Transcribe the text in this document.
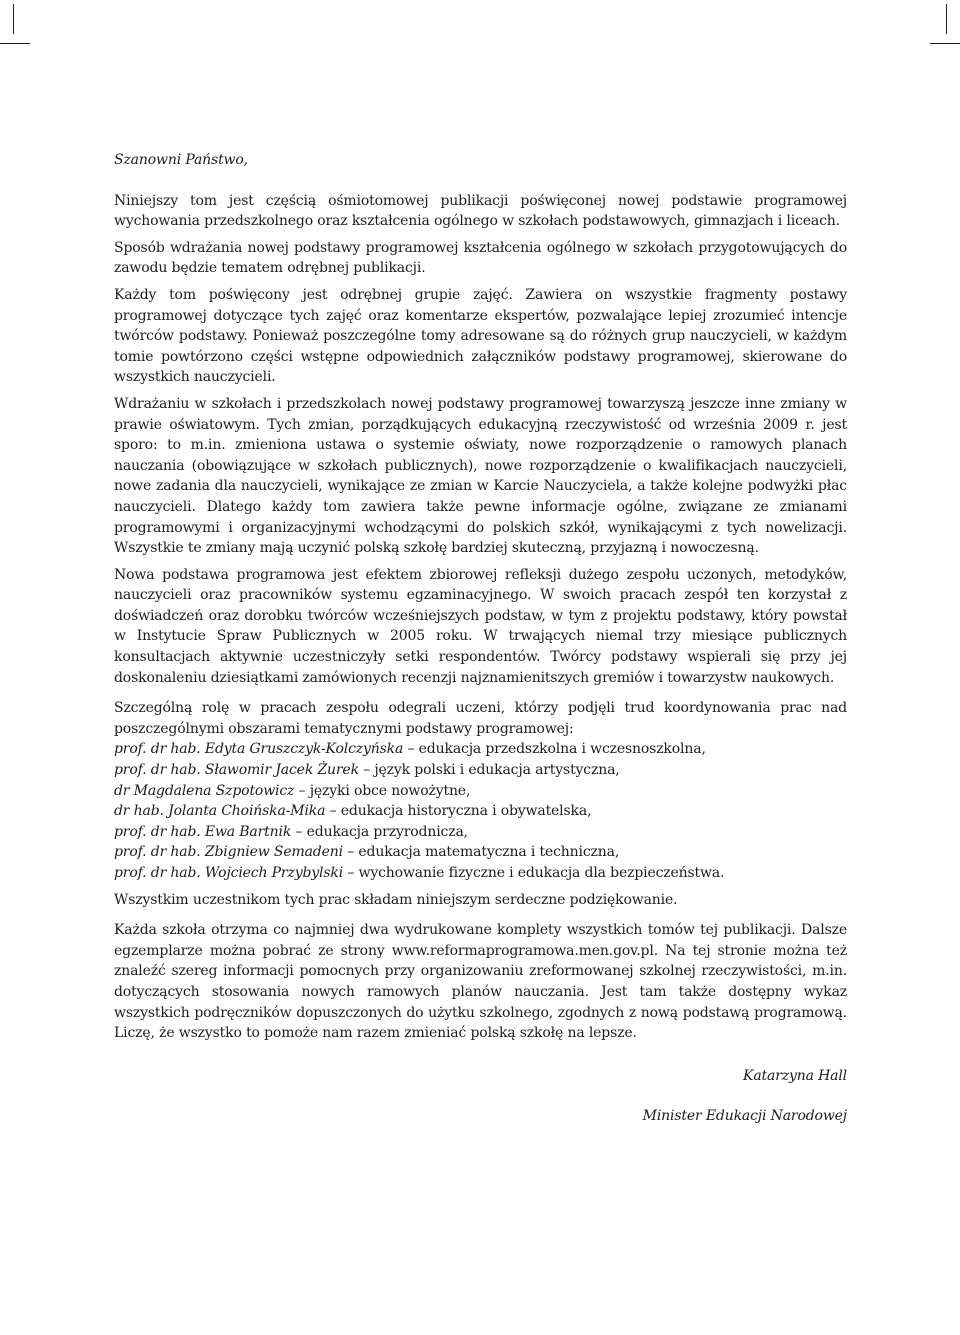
Szanowni Państwo,

Niniejszy tom jest częścią ośmiotomowej publikacji poświęconej nowej podstawie programowej wychowania przedszkolnego oraz kształcenia ogólnego w szkołach podstawowych, gimnazjach i liceach.

Sposób wdrażania nowej podstawy programowej kształcenia ogólnego w szkołach przygotowujących do zawodu będzie tematem odrębnej publikacji.

Każdy tom poświęcony jest odrębnej grupie zajęć. Zawiera on wszystkie fragmenty postawy programowej dotyczące tych zajęć oraz komentarze ekspertów, pozwalające lepiej zrozumieć intencje twórców podstawy. Ponieważ poszczególne tomy adresowane są do różnych grup nauczycieli, w każdym tomie powtórzono części wstępne odpowiednich załączników podstawy programowej, skierowane do wszystkich nauczycieli.

Wdrażaniu w szkołach i przedszkolach nowej podstawy programowej towarzyszą jeszcze inne zmiany w prawie oświatowym. Tych zmian, porządkujących edukacyjną rzeczywistość od września 2009 r. jest sporo: to m.in. zmieniona ustawa o systemie oświaty, nowe rozporządzenie o ramowych planach nauczania (obowiązujące w szkołach publicznych), nowe rozporządzenie o kwalifikacjach nauczycieli, nowe zadania dla nauczycieli, wynikające ze zmian w Karcie Nauczyciela, a także kolejne podwyżki płac nauczycieli. Dlatego każdy tom zawiera także pewne informacje ogólne, związane ze zmianami programowymi i organizacyjnymi wchodzącymi do polskich szkół, wynikającymi z tych nowelizacji. Wszystkie te zmiany mają uczynić polską szkołę bardziej skuteczną, przyjazną i nowoczesną.

Nowa podstawa programowa jest efektem zbiorowej refleksji dużego zespołu uczonych, metodyków, nauczycieli oraz pracowników systemu egzaminacyjnego. W swoich pracach zespół ten korzystał z doświadczeń oraz dorobku twórców wcześniejszych podstaw, w tym z projektu podstawy, który powstał w Instytucie Spraw Publicznych w 2005 roku. W trwających niemal trzy miesiące publicznych konsultacjach aktywnie uczestniczyły setki respondentów. Twórcy podstawy wspierali się przy jej doskonaleniu dziesiątkami zamówionych recenzji najznamienitszych gremiów i towarzystw naukowych.

Szczególną rolę w pracach zespołu odegrali uczeni, którzy podjęli trud koordynowania prac nad poszczególnymi obszarami tematycznymi podstawy programowej:

prof. dr hab. Edyta Gruszczyk-Kolczyńska – edukacja przedszkolna i wczesnoszkolna,
prof. dr hab. Sławomir Jacek Żurek – język polski i edukacja artystyczna,
dr Magdalena Szpotowicz – języki obce nowożytne,
dr hab. Jolanta Choińska-Mika – edukacja historyczna i obywatelska,
prof. dr hab. Ewa Bartnik – edukacja przyrodnicza,
prof. dr hab. Zbigniew Semadeni – edukacja matematyczna i techniczna,
prof. dr hab. Wojciech Przybylski – wychowanie fizyczne i edukacja dla bezpieczeństwa.

Wszystkim uczestnikom tych prac składam niniejszym serdeczne podziękowanie.

Każda szkoła otrzyma co najmniej dwa wydrukowane komplety wszystkich tomów tej publikacji. Dalsze egzemplarze można pobrać ze strony www.reformaprogramowa.men.gov.pl. Na tej stronie można też znaleźć szereg informacji pomocnych przy organizowaniu zreformowanej szkolnej rzeczywistości, m.in. dotyczących stosowania nowych ramowych planów nauczania. Jest tam także dostępny wykaz wszystkich podręczników dopuszczonych do użytku szkolnego, zgodnych z nową podstawą programową. Liczę, że wszystko to pomoże nam razem zmieniać polską szkołę na lepsze.

Katarzyna Hall
Minister Edukacji Narodowej
